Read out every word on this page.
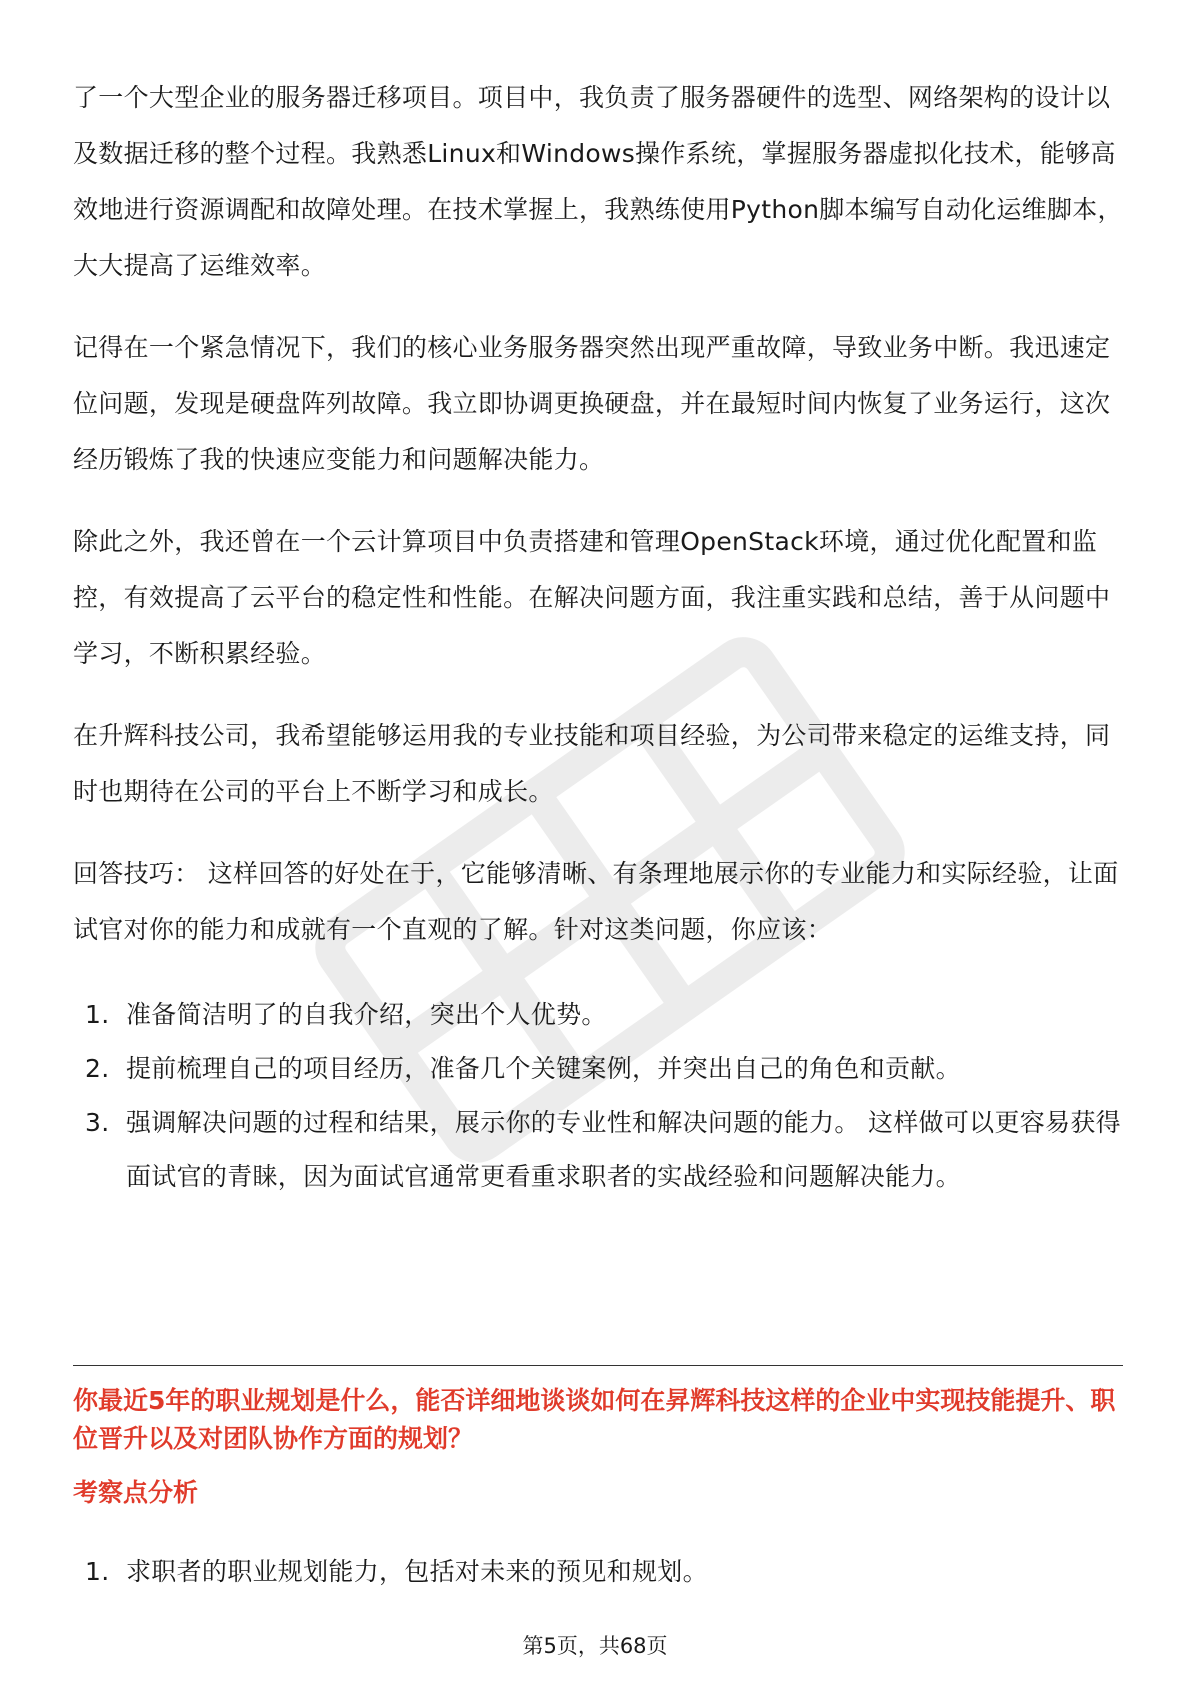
了一个大型企业的服务器迁移项目。项目中，我负责了服务器硬件的选型、网络架构的设计以及数据迁移的整个过程。我熟悉Linux和Windows操作系统，掌握服务器虚拟化技术，能够高效地进行资源调配和故障处理。在技术掌握上，我熟练使用Python脚本编写自动化运维脚本，大大提高了运维效率。

记得在一个紧急情况下，我们的核心业务服务器突然出现严重故障，导致业务中断。我迅速定位问题，发现是硬盘阵列故障。我立即协调更换硬盘，并在最短时间内恢复了业务运行，这次经历锻炼了我的快速应变能力和问题解决能力。

除此之外，我还曾在一个云计算项目中负责搭建和管理OpenStack环境，通过优化配置和监控，有效提高了云平台的稳定性和性能。在解决问题方面，我注重实践和总结，善于从问题中学习，不断积累经验。

在升辉科技公司，我希望能够运用我的专业技能和项目经验，为公司带来稳定的运维支持，同时也期待在公司的平台上不断学习和成长。

回答技巧： 这样回答的好处在于，它能够清晰、有条理地展示你的专业能力和实际经验，让面试官对你的能力和成就有一个直观的了解。针对这类问题，你应该：

1. 准备简洁明了的自我介绍，突出个人优势。
2. 提前梳理自己的项目经历，准备几个关键案例，并突出自己的角色和贡献。
3. 强调解决问题的过程和结果，展示你的专业性和解决问题的能力。 这样做可以更容易获得面试官的青睐，因为面试官通常更看重求职者的实战经验和问题解决能力。
你最近5年的职业规划是什么，能否详细地谈谈如何在昇辉科技这样的企业中实现技能提升、职位晋升以及对团队协作方面的规划？
考察点分析
1. 求职者的职业规划能力，包括对未来的预见和规划。
第5页，共68页
